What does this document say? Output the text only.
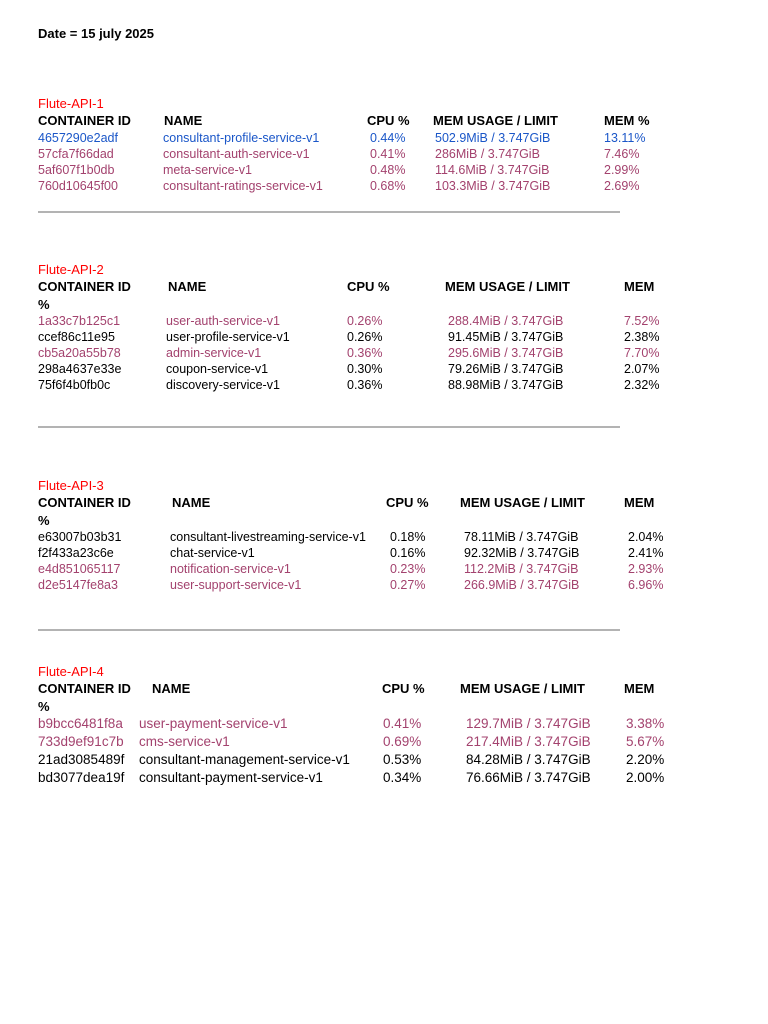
Date = 15 july 2025
Flute-API-1
CONTAINER ID	NAME	CPU % MEM USAGE / LIMIT	MEM %
4657290e2adf	consultant-profile-service-v1	0.44% 502.9MiB / 3.747GiB	13.11%
57cfa7f66dad	consultant-auth-service-v1	0.41% 286MiB / 3.747GiB	7.46%
5af607f1b0db	meta-service-v1	0.48% 114.6MiB / 3.747GiB	2.99%
760d10645f00	consultant-ratings-service-v1	0.68% 103.3MiB / 3.747GiB	2.69%
Flute-API-2
CONTAINER ID	NAME	CPU %	MEM USAGE / LIMIT	MEM
%
1a33c7b125c1	user-auth-service-v1	0.26%	288.4MiB / 3.747GiB	7.52%
ccef86c11e95	user-profile-service-v1	0.26%	91.45MiB / 3.747GiB	2.38%
cb5a20a55b78	admin-service-v1	0.36%	295.6MiB / 3.747GiB	7.70%
298a4637e33e	coupon-service-v1	0.30%	79.26MiB / 3.747GiB	2.07%
75f6f4b0fb0c	discovery-service-v1	0.36%	88.98MiB / 3.747GiB	2.32%
Flute-API-3
CONTAINER ID	NAME	CPU % MEM USAGE / LIMIT	MEM
%
e63007b03b31	consultant-livestreaming-service-v1 0.18%	78.11MiB / 3.747GiB	2.04%
f2f433a23c6e	chat-service-v1	0.16%	92.32MiB / 3.747GiB	2.41%
e4d851065117	notification-service-v1	0.23%	112.2MiB / 3.747GiB	2.93%
d2e5147fe8a3	user-support-service-v1	0.27%	266.9MiB / 3.747GiB	6.96%
Flute-API-4
CONTAINER ID NAME	CPU %	MEM USAGE / LIMIT	MEM
%
b9bcc6481f8a user-payment-service-v1	0.41%	129.7MiB / 3.747GiB	3.38%
733d9ef91c7b cms-service-v1	0.69%	217.4MiB / 3.747GiB	5.67%
21ad3085489f consultant-management-service-v1 0.53%	84.28MiB / 3.747GiB	2.20%
bd3077dea19f consultant-payment-service-v1	0.34%	76.66MiB / 3.747GiB	2.00%
